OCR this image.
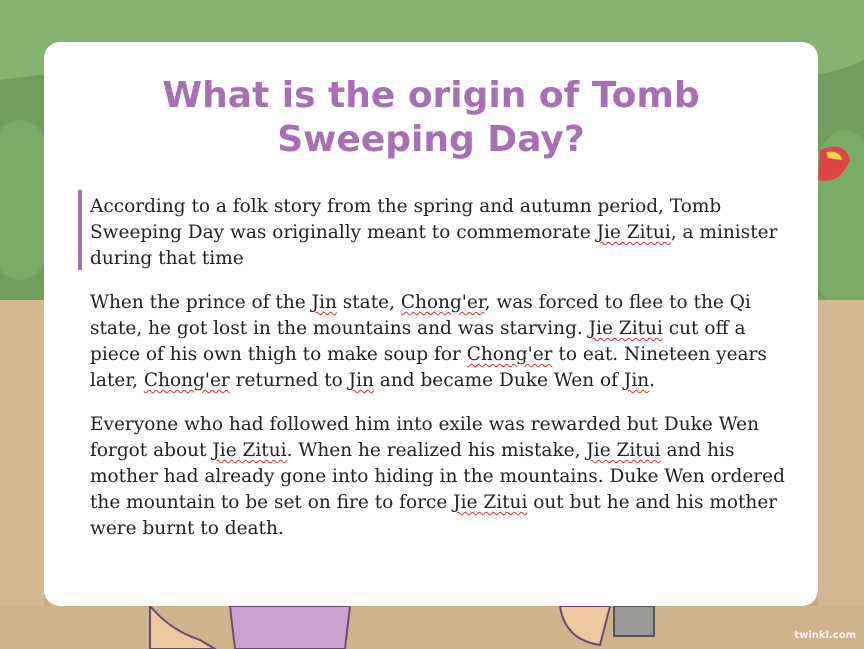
What is the origin of Tomb
Sweeping Day?

According to a folk story from the spring and autumn period, Tomb Sweeping Day was originally meant to commemorate Jie Zitui, a minister during that time

When the prince of the Jin state, Chong'er, was forced to flee to the Qi state, he got lost in the mountains and was starving. Jie Zitui cut off a piece of his own thigh to make soup for Chong'er to eat. Nineteen years later, Chong'er returned to Jin and became Duke Wen of Jin.

Everyone who had followed him into exile was rewarded but Duke Wen forgot about Jie Zitui. When he realized his mistake, Jie Zitui and his mother had already gone into hiding in the mountains. Duke Wen ordered the mountain to be set on fire to force Jie Zitui out but he and his mother were burnt to death.

twinkl.com
